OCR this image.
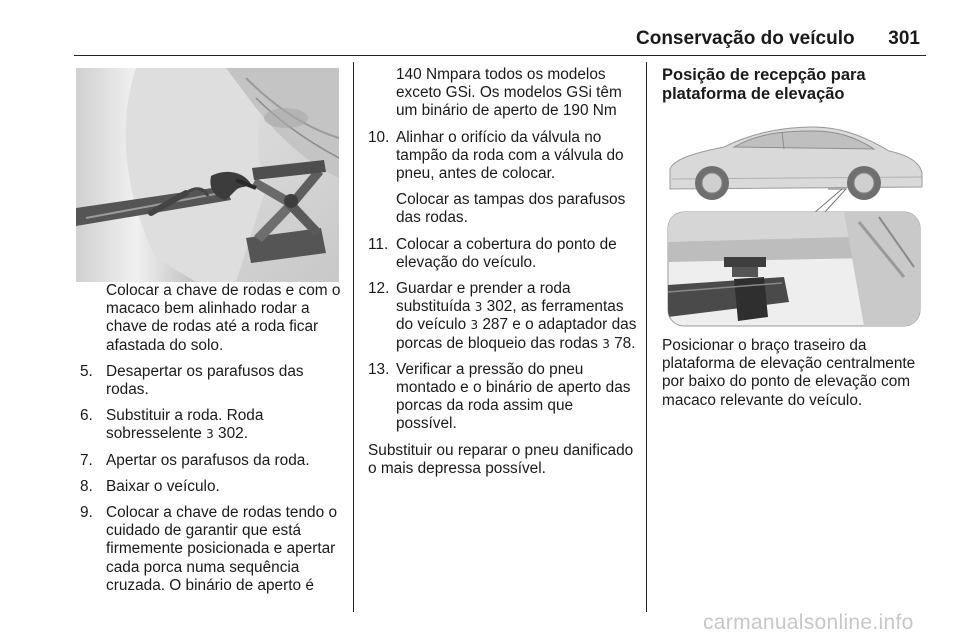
Conservação do veículo 301

Colocar a chave de rodas e com o macaco bem alinhado rodar a chave de rodas até a roda ficar afastada do solo.

5. Desapertar os parafusos das rodas.
6. Substituir a roda. Roda sobresselente 3 302.
7. Apertar os parafusos da roda.
8. Baixar o veículo.
9. Colocar a chave de rodas tendo o cuidado de garantir que está firmemente posicionada e apertar cada porca numa sequência cruzada. O binário de aperto é

140 Nmpara todos os modelos exceto GSi. Os modelos GSi têm um binário de aperto de 190 Nm

10. Alinhar o orifício da válvula no tampão da roda com a válvula do pneu, antes de colocar.
Colocar as tampas dos parafusos das rodas.
11. Colocar a cobertura do ponto de elevação do veículo.
12. Guardar e prender a roda substituída 3 302, as ferramentas do veículo 3 287 e o adaptador das porcas de bloqueio das rodas 3 78.
13. Verificar a pressão do pneu montado e o binário de aperto das porcas da roda assim que possível.

Substituir ou reparar o pneu danificado o mais depressa possível.

Posição de recepção para plataforma de elevação

Posicionar o braço traseiro da plataforma de elevação centralmente por baixo do ponto de elevação com macaco relevante do veículo.

carmanualsonline.info
